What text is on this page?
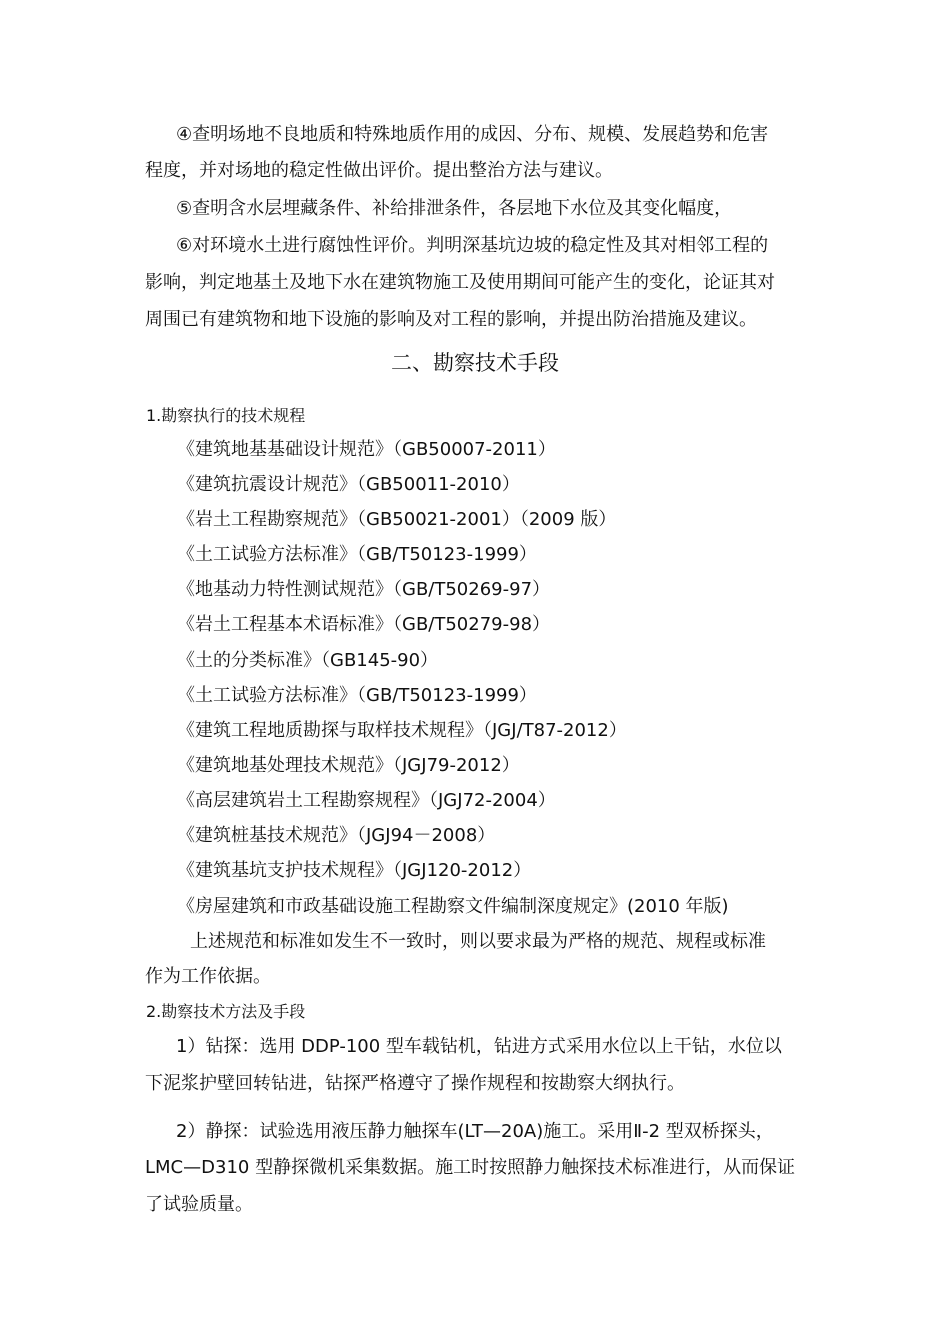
④查明场地不良地质和特殊地质作用的成因、分布、规模、发展趋势和危害
程度，并对场地的稳定性做出评价。提出整治方法与建议。
⑤查明含水层埋藏条件、补给排泄条件，各层地下水位及其变化幅度，
⑥对环境水土进行腐蚀性评价。判明深基坑边坡的稳定性及其对相邻工程的
影响，判定地基土及地下水在建筑物施工及使用期间可能产生的变化，论证其对
周围已有建筑物和地下设施的影响及对工程的影响，并提出防治措施及建议。
二、勘察技术手段
1.勘察执行的技术规程
《建筑地基基础设计规范》（GB50007-2011）
《建筑抗震设计规范》（GB50011-2010）
《岩土工程勘察规范》（GB50021-2001）（2009 版）
《土工试验方法标准》（GB/T50123-1999）
《地基动力特性测试规范》（GB/T50269-97）
《岩土工程基本术语标准》（GB/T50279-98）
《土的分类标准》（GB145-90）
《土工试验方法标准》（GB/T50123-1999）
《建筑工程地质勘探与取样技术规程》（JGJ/T87-2012）
《建筑地基处理技术规范》（JGJ79-2012）
《高层建筑岩土工程勘察规程》（JGJ72-2004）
《建筑桩基技术规范》（JGJ94－2008）
《建筑基坑支护技术规程》（JGJ120-2012）
《房屋建筑和市政基础设施工程勘察文件编制深度规定》(2010 年版)
上述规范和标准如发生不一致时，则以要求最为严格的规范、规程或标准
作为工作依据。
2.勘察技术方法及手段
1）钻探：选用 DDP-100 型车载钻机，钻进方式采用水位以上干钻，水位以
下泥浆护壁回转钻进，钻探严格遵守了操作规程和按勘察大纲执行。
2）静探：试验选用液压静力触探车(LT—20A)施工。采用Ⅱ-2 型双桥探头，
LMC—D310 型静探微机采集数据。施工时按照静力触探技术标准进行，从而保证
了试验质量。
